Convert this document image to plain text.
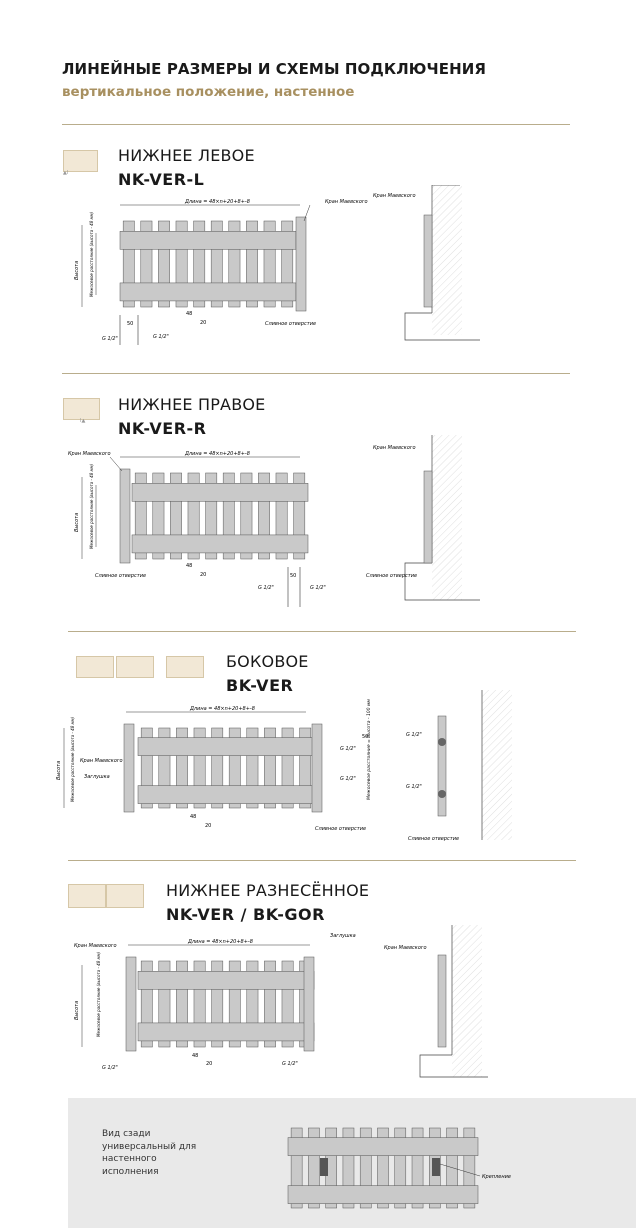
ЛИНЕЙНЫЕ РАЗМЕРЫ И СХЕМЫ ПОДКЛЮЧЕНИЯ
вертикальное положение, настенное
▲I
НИЖНЕЕ ЛЕВОЕ
NK-VER-L
Длина = 48×n+20+8+-8	Кран Маевского
Высота Межосевое расстояние (высота - 48 мм)
G 1/2"	G 1/2"
50
48
20	Сливное отверстие
Кран Маевского
I▲
НИЖНЕЕ ПРАВОЕ
NK-VER-R
Длина = 48×n+20+8+-8
Кран Маевского
Высота Межосевое расстояние (высота - 48 мм)
G 1/2"	G 1/2"
50
48
20
Сливное отверстие
Кран Маевского
Сливное отверстие
БОКОВОЕ
BK-VER
Длина = 48×n+20+8+-8
Кран Маевского
Заглушка
Высота Межосевое расстояние (высота - 48 мм)	G 1/2"
G 1/2" Межосевое расстояние = Высота - 100 мм
Сливное отверстие
48
20
50	G 1/2"
G 1/2"
Сливное отверстие
НИЖНЕЕ РАЗНЕСЁННОЕ
NK-VER / BK-GOR
Длина = 48×n+20+8+-8
Кран Маевского
Заглушка
Высота	Межосевое расстояние (высота - 48 мм)
G 1/2"
G 1/2"
48
20
Кран Маевского
Вид сзади универсальный для настенного исполнения
Крепление
